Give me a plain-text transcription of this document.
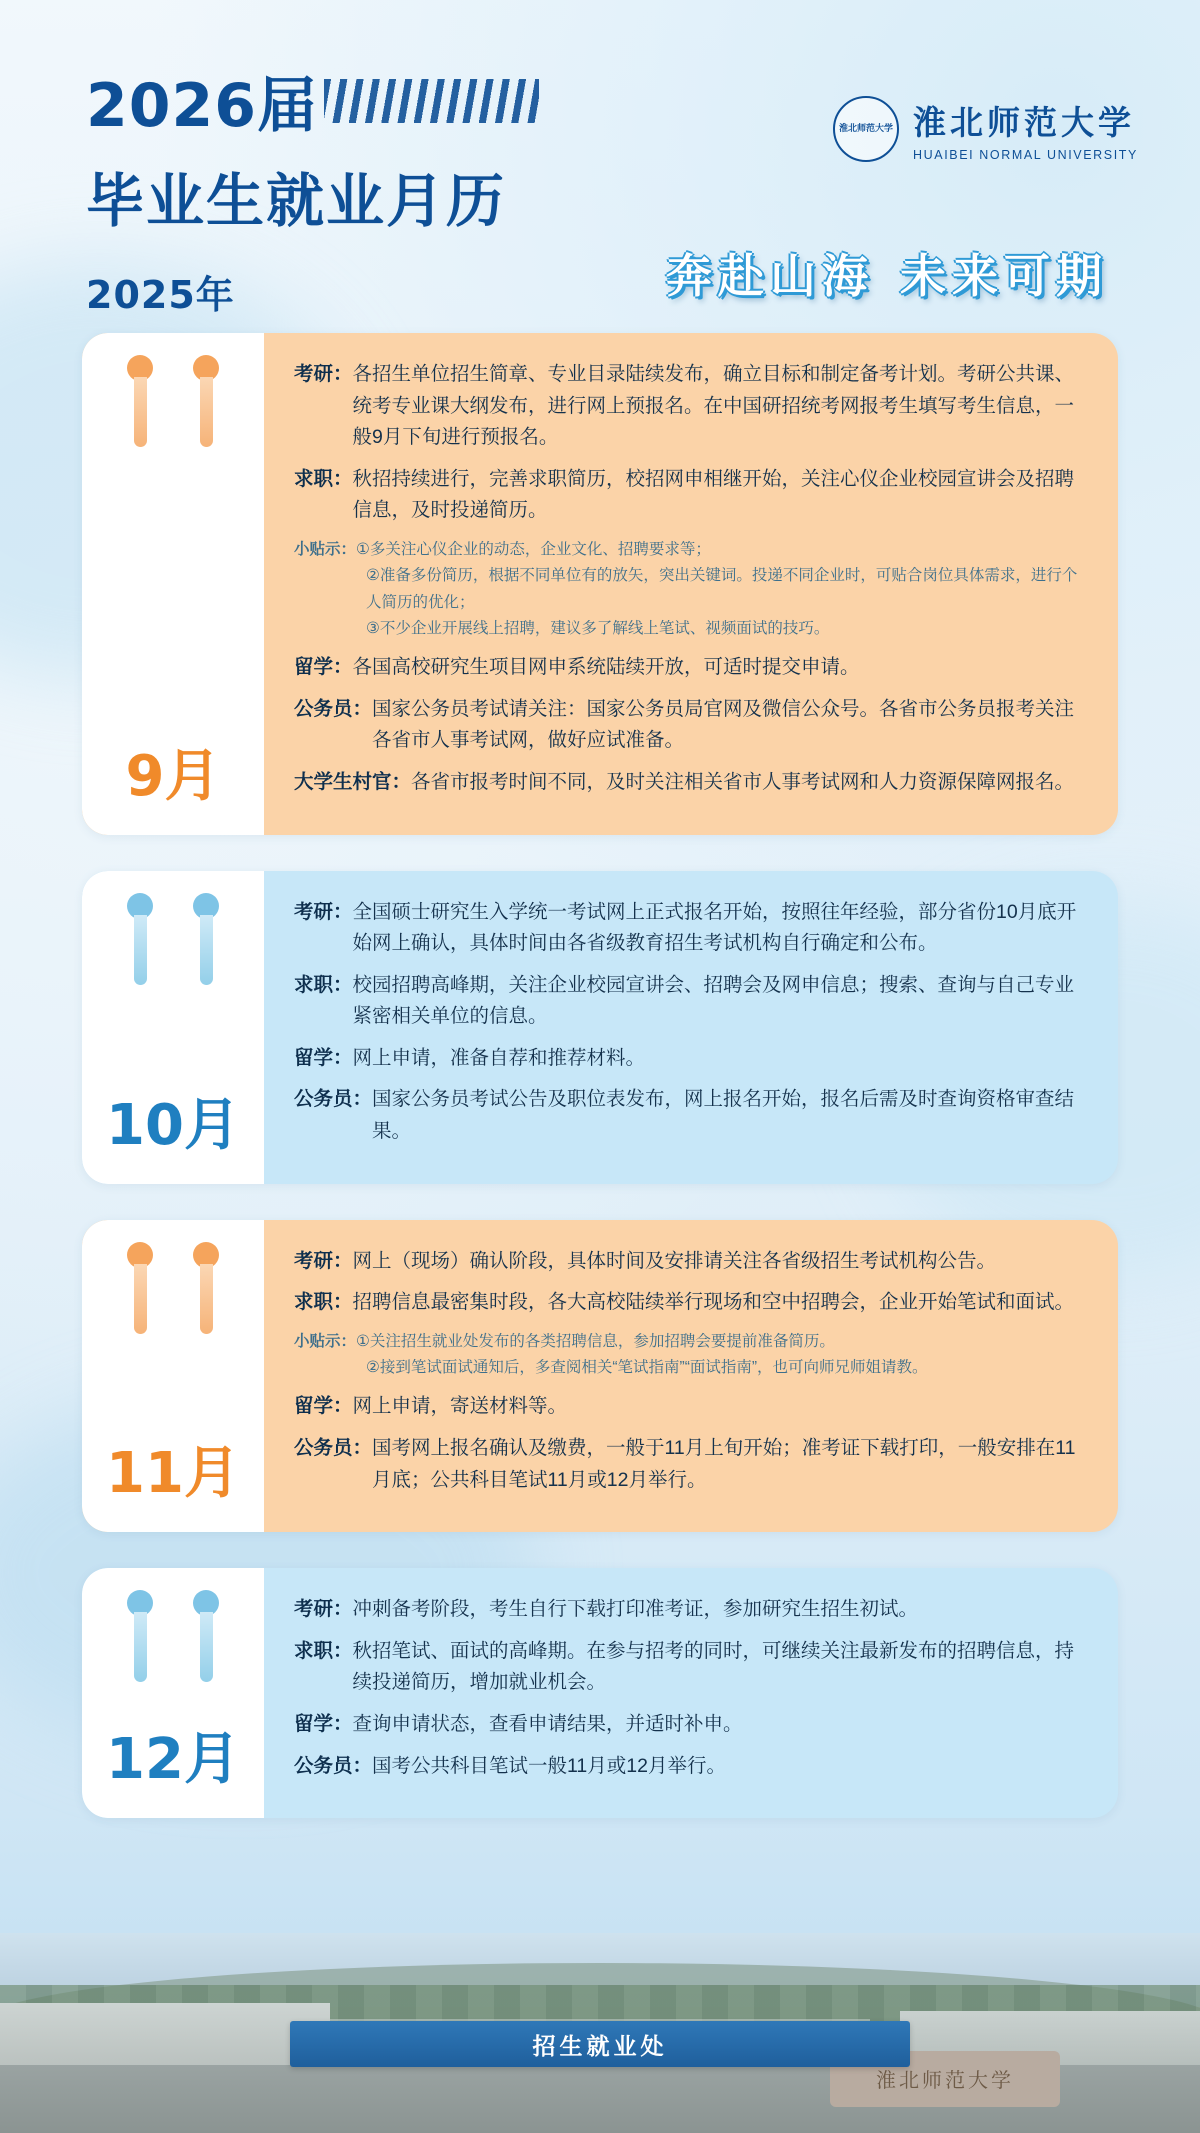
2026届
毕业生就业月历
2025年
淮北师范大学 淮北师范大学
HUAIBEI NORMAL UNIVERSITY
奔赴山海 未来可期
9月
考研： 各招生单位招生简章、专业目录陆续发布，确立目标和制定备考计划。考研公共课、统考专业课大纲发布，进行网上预报名。在中国研招统考网报考生填写考生信息，一般9月下旬进行预报名。
求职： 秋招持续进行，完善求职简历，校招网申相继开始，关注心仪企业校园宣讲会及招聘信息，及时投递简历。
小贴示：①多关注心仪企业的动态，企业文化、招聘要求等；
②准备多份简历，根据不同单位有的放矢，突出关键词。投递不同企业时，可贴合岗位具体需求，进行个人简历的优化；
③不少企业开展线上招聘，建议多了解线上笔试、视频面试的技巧。
留学： 各国高校研究生项目网申系统陆续开放，可适时提交申请。
公务员： 国家公务员考试请关注：国家公务员局官网及微信公众号。各省市公务员报考关注各省市人事考试网，做好应试准备。
大学生村官： 各省市报考时间不同，及时关注相关省市人事考试网和人力资源保障网报名。
10月
考研： 全国硕士研究生入学统一考试网上正式报名开始，按照往年经验，部分省份10月底开始网上确认，具体时间由各省级教育招生考试机构自行确定和公布。
求职： 校园招聘高峰期，关注企业校园宣讲会、招聘会及网申信息；搜索、查询与自己专业紧密相关单位的信息。
留学： 网上申请，准备自荐和推荐材料。
公务员： 国家公务员考试公告及职位表发布，网上报名开始，报名后需及时查询资格审查结果。
11月
考研： 网上（现场）确认阶段，具体时间及安排请关注各省级招生考试机构公告。
求职： 招聘信息最密集时段，各大高校陆续举行现场和空中招聘会，企业开始笔试和面试。
小贴示：①关注招生就业处发布的各类招聘信息，参加招聘会要提前准备简历。
②接到笔试面试通知后，多查阅相关“笔试指南”“面试指南”，也可向师兄师姐请教。
留学： 网上申请，寄送材料等。
公务员： 国考网上报名确认及缴费，一般于11月上旬开始；准考证下载打印，一般安排在11月底；公共科目笔试11月或12月举行。
12月
考研： 冲刺备考阶段，考生自行下载打印准考证，参加研究生招生初试。
求职： 秋招笔试、面试的高峰期。在参与招考的同时，可继续关注最新发布的招聘信息，持续投递简历，增加就业机会。
留学： 查询申请状态，查看申请结果，并适时补申。
公务员： 国考公共科目笔试一般11月或12月举行。
淮北师范大学
招生就业处
